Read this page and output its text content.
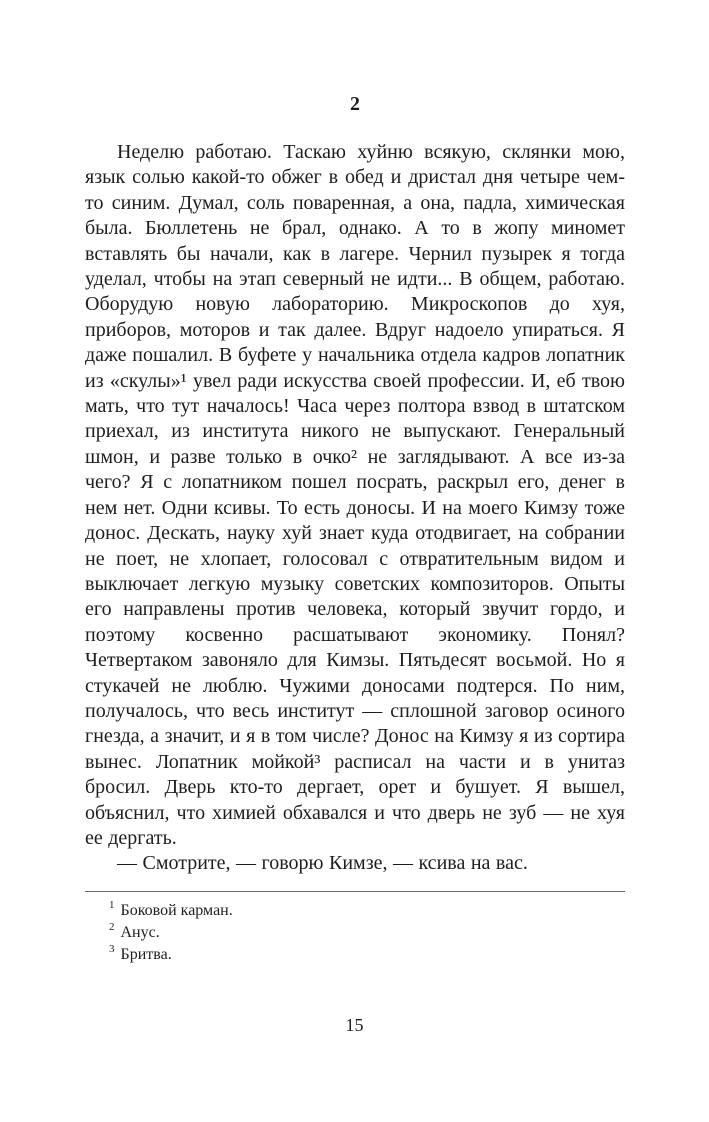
2

Неделю работаю. Таскаю хуйню всякую, склянки мою, язык солью какой-то обжег в обед и дристал дня четыре чем-то синим. Думал, соль поваренная, а она, падла, химическая была. Бюллетень не брал, однако. А то в жопу миномет вставлять бы начали, как в лагере. Чернил пузырек я тогда уделал, чтобы на этап северный не идти... В общем, работаю. Оборудую новую лабораторию. Микроскопов до хуя, приборов, моторов и так далее. Вдруг надоело упираться. Я даже пошалил. В буфете у начальника отдела кадров лопатник из «скулы»¹ увел ради искусства своей профессии. И, еб твою мать, что тут началось! Часа через полтора взвод в штатском приехал, из института никого не выпускают. Генеральный шмон, и разве только в очко² не заглядывают. А все из-за чего? Я с лопатником пошел посрать, раскрыл его, денег в нем нет. Одни ксивы. То есть доносы. И на моего Кимзу тоже донос. Дескать, науку хуй знает куда отодвигает, на собрании не поет, не хлопает, голосовал с отвратительным видом и выключает легкую музыку советских композиторов. Опыты его направлены против человека, который звучит гордо, и поэтому косвенно расшатывают экономику. Понял? Четвертаком завоняло для Кимзы. Пятьдесят восьмой. Но я стукачей не люблю. Чужими доносами подтерся. По ним, получалось, что весь институт — сплошной заговор осиного гнезда, а значит, и я в том числе? Донос на Кимзу я из сортира вынес. Лопатник мойкой³ расписал на части и в унитаз бросил. Дверь кто-то дергает, орет и бушует. Я вышел, объяснил, что химией обхавался и что дверь не зуб — не хуя ее дергать.

— Смотрите, — говорю Кимзе, — ксива на вас.

$^1$ Боковой карман.
$^2$ Анус.
$^3$ Бритва.
15
